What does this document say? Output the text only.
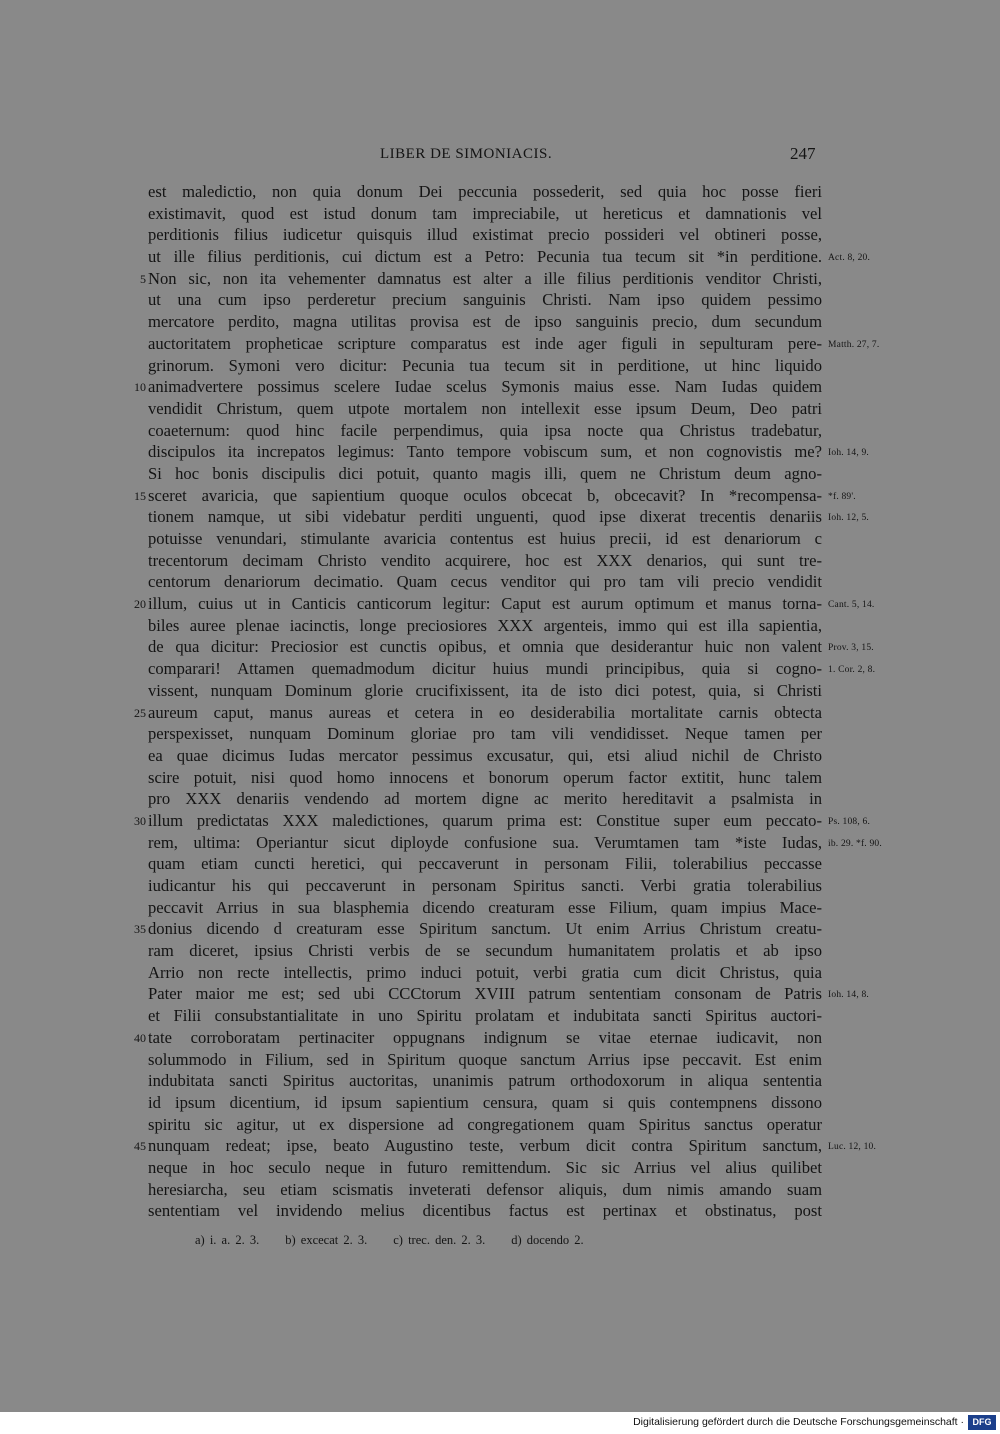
LIBER DE SIMONIACIS.	247
est maledictio, non quia donum Dei peccunia possederit, sed quia hoc posse fieri
existimavit, quod est istud donum tam impreciabile, ut hereticus et damnationis vel
perditionis filius iudicetur quisquis illud existimat precio possideri vel obtineri posse,
ut ille filius perditionis, cui dictum est a Petro: Pecunia tua tecum sit *in perditione. Act. 8, 20.
5 Non sic, non ita vehementer damnatus est alter a ille filius perditionis venditor Christi,
ut una cum ipso perderetur precium sanguinis Christi. Nam ipso quidem pessimo
mercatore perdito, magna utilitas provisa est de ipso sanguinis precio, dum secundum
auctoritatem propheticae scripture comparatus est inde ager figuli in sepulturam pere- Matth. 27, 7.
grinorum. Symoni vero dicitur: Pecunia tua tecum sit in perditione, ut hinc liquido
10 animadvertere possimus scelere Iudae scelus Symonis maius esse. Nam Iudas quidem
vendidit Christum, quem utpote mortalem non intellexit esse ipsum Deum, Deo patri
coaeternum: quod hinc facile perpendimus, quia ipsa nocte qua Christus tradebatur,
discipulos ita increpatos legimus: Tanto tempore vobiscum sum, et non cognovistis me? Ioh. 14, 9.
Si hoc bonis discipulis dici potuit, quanto magis illi, quem ne Christum deum agno-
15 sceret avaricia, que sapientium quoque oculos obcecat b, obcecavit? In *recompensa- *f. 89'.
tionem namque, ut sibi videbatur perditi unguenti, quod ipse dixerat trecentis denariis Ioh. 12, 5.
potuisse venundari, stimulante avaricia contentus est huius precii, id est denariorum c
trecentorum decimam Christo vendito acquirere, hoc est XXX denarios, qui sunt tre-
centorum denariorum decimatio. Quam cecus venditor qui pro tam vili precio vendidit
20 illum, cuius ut in Canticis canticorum legitur: Caput est aurum optimum et manus torna- Cant. 5, 14.
biles auree plenae iacinctis, longe preciosiores XXX argenteis, immo qui est illa sapientia,
de qua dicitur: Preciosior est cunctis opibus, et omnia que desiderantur huic non valent Prov. 3, 15.
comparari! Attamen quemadmodum dicitur huius mundi principibus, quia si cogno- 1. Cor. 2, 8.
vissent, nunquam Dominum glorie crucifixissent, ita de isto dici potest, quia, si Christi
25 aureum caput, manus aureas et cetera in eo desiderabilia mortalitate carnis obtecta
perspexisset, nunquam Dominum gloriae pro tam vili vendidisset. Neque tamen per
ea quae dicimus Iudas mercator pessimus excusatur, qui, etsi aliud nichil de Christo
scire potuit, nisi quod homo innocens et bonorum operum factor extitit, hunc talem
pro XXX denariis vendendo ad mortem digne ac merito hereditavit a psalmista in
30 illum predictatas XXX maledictiones, quarum prima est: Constitue super eum peccato- Ps. 108, 6.
rem, ultima: Operiantur sicut diployde confusione sua. Verumtamen tam *iste Iudas, ib. 29. *f. 90.
quam etiam cuncti heretici, qui peccaverunt in personam Filii, tolerabilius peccasse
iudicantur his qui peccaverunt in personam Spiritus sancti. Verbi gratia tolerabilius
peccavit Arrius in sua blasphemia dicendo creaturam esse Filium, quam impius Mace-
35 donius dicendo d creaturam esse Spiritum sanctum. Ut enim Arrius Christum creatu-
ram diceret, ipsius Christi verbis de se secundum humanitatem prolatis et ab ipso
Arrio non recte intellectis, primo induci potuit, verbi gratia cum dicit Christus, quia
Pater maior me est; sed ubi CCCtorum XVIII patrum sententiam consonam de Patris Ioh. 14, 8.
et Filii consubstantialitate in uno Spiritu prolatam et indubitata sancti Spiritus auctori-
40 tate corroboratam pertinaciter oppugnans indignum se vitae eternae iudicavit, non
solummodo in Filium, sed in Spiritum quoque sanctum Arrius ipse peccavit. Est enim
indubitata sancti Spiritus auctoritas, unanimis patrum orthodoxorum in aliqua sententia
id ipsum dicentium, id ipsum sapientium censura, quam si quis contempnens dissono
spiritu sic agitur, ut ex dispersione ad congregationem quam Spiritus sanctus operatur
45 nunquam redeat; ipse, beato Augustino teste, verbum dicit contra Spiritum sanctum, Luc. 12, 10.
neque in hoc seculo neque in futuro remittendum. Sic sic Arrius vel alius quilibet
heresiarcha, seu etiam scismatis inveterati defensor aliquis, dum nimis amando suam
sententiam vel invidendo melius dicentibus factus est pertinax et obstinatus, post
a) i. a. 2. 3. b) excecat 2. 3. c) trec. den. 2. 3. d) docendo 2.
Digitalisierung gefördert durch die Deutsche Forschungsgemeinschaft · DFG
